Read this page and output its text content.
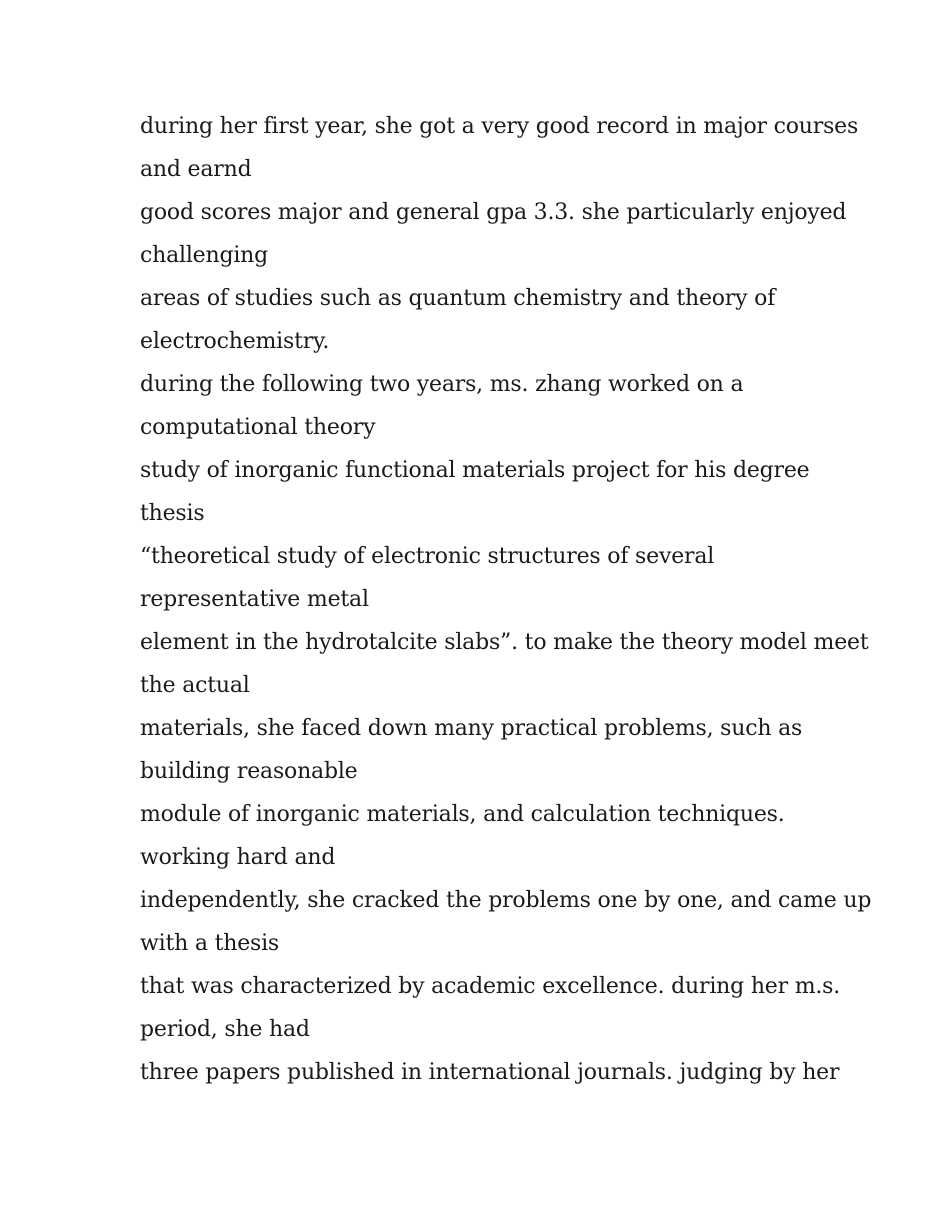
during her first year, she got a very good record in major courses
and earnd
good scores major and general gpa 3.3. she particularly enjoyed
challenging
areas of studies such as quantum chemistry and theory of
electrochemistry.
during the following two years, ms. zhang worked on a
computational theory
study of inorganic functional materials project for his degree
thesis
“theoretical study of electronic structures of several
representative metal
element in the hydrotalcite slabs”. to make the theory model meet
the actual
materials, she faced down many practical problems, such as
building reasonable
module of inorganic materials, and calculation techniques.
working hard and
independently, she cracked the problems one by one, and came up
with a thesis
that was characterized by academic excellence. during her m.s.
period, she had
three papers published in international journals. judging by her
